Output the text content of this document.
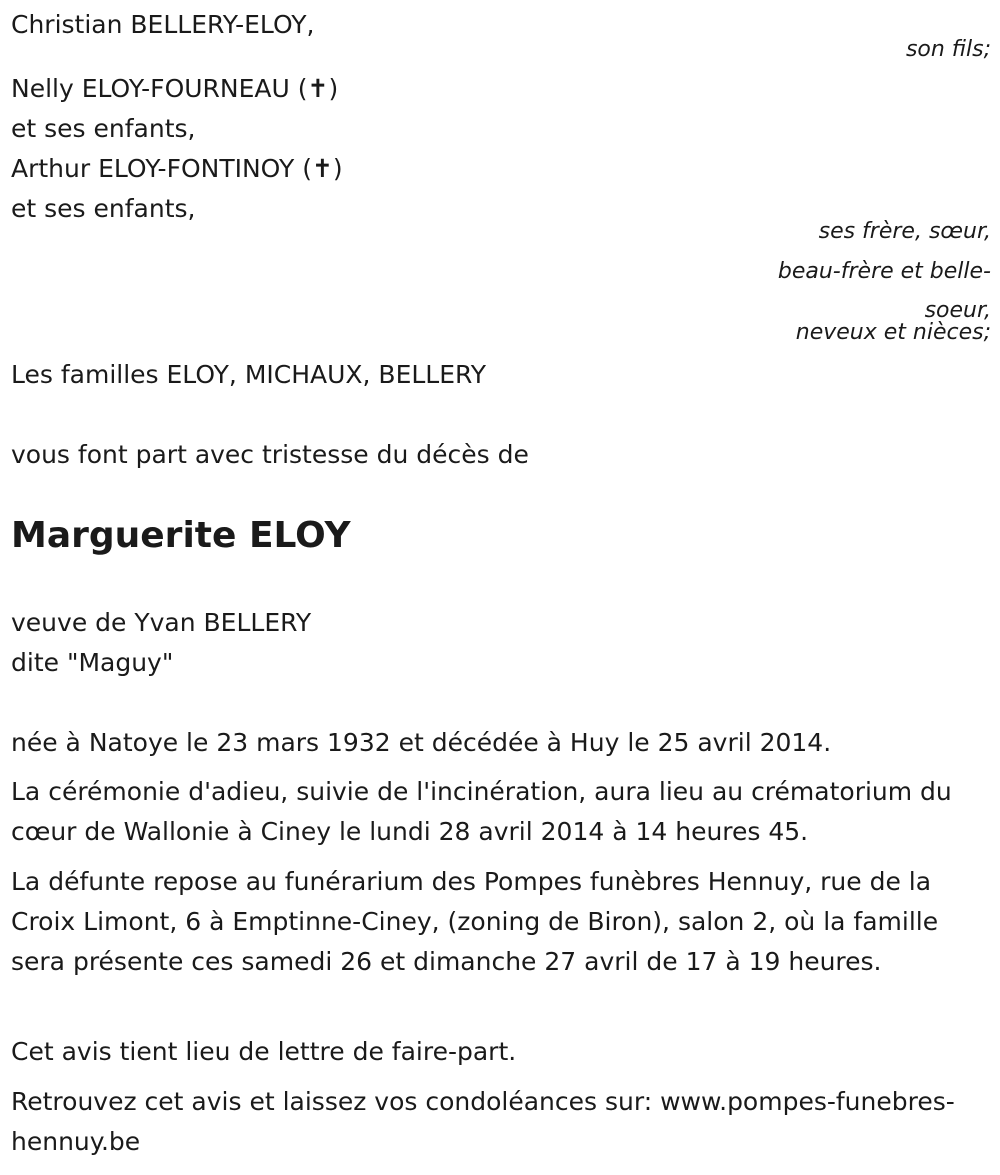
Christian BELLERY-ELOY,
son fils;
Nelly ELOY-FOURNEAU (✝)
et ses enfants,
Arthur ELOY-FONTINOY (✝)
et ses enfants,
ses frère, sœur,
beau-frère et belle-
soeur,
neveux et nièces;
Les familles ELOY, MICHAUX, BELLERY
vous font part avec tristesse du décès de
Marguerite ELOY
veuve de Yvan BELLERY
dite "Maguy"
née à Natoye le 23 mars 1932 et décédée à Huy le 25 avril 2014.
La cérémonie d'adieu, suivie de l'incinération, aura lieu au crématorium du cœur de Wallonie à Ciney le lundi 28 avril 2014 à 14 heures 45.
La défunte repose au funérarium des Pompes funèbres Hennuy, rue de la Croix Limont, 6 à Emptinne-Ciney, (zoning de Biron), salon 2, où la famille sera présente ces samedi 26 et dimanche 27 avril de 17 à 19 heures.
Cet avis tient lieu de lettre de faire-part.
Retrouvez cet avis et laissez vos condoléances sur: www.pompes-funebres-hennuy.be
